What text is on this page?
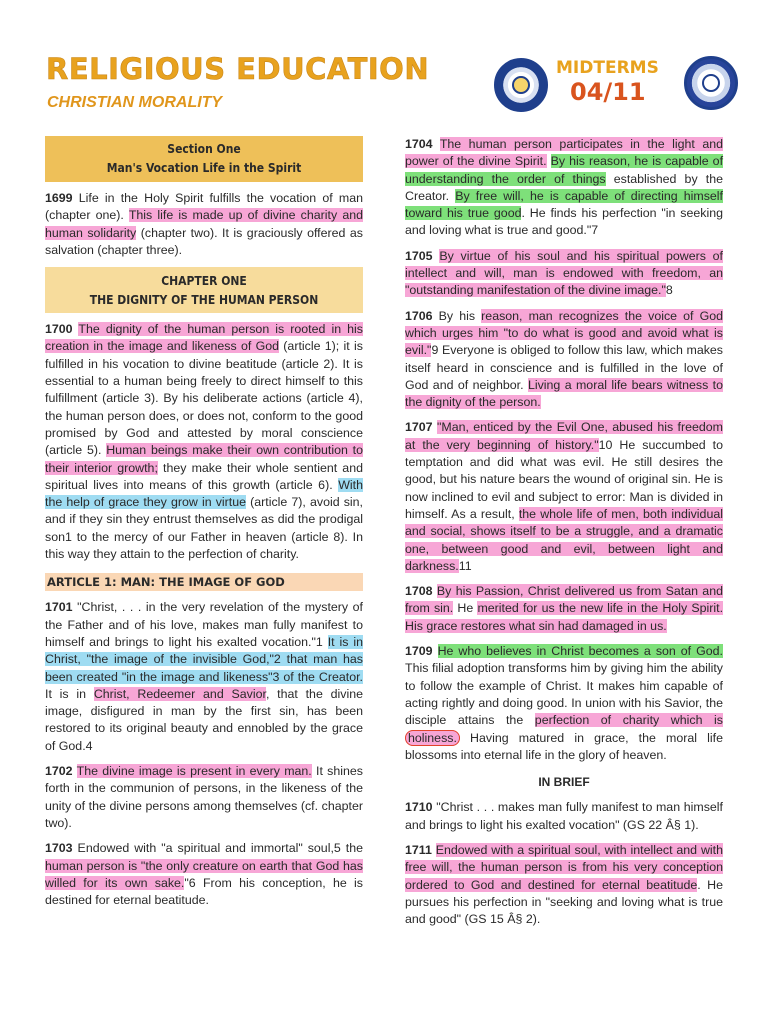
RELIGIOUS EDUCATION
CHRISTIAN MORALITY
MIDTERMS
04/11
Section One
Man's Vocation Life in the Spirit

1699 Life in the Holy Spirit fulfills the vocation of man (chapter one). This life is made up of divine charity and human solidarity (chapter two). It is graciously offered as salvation (chapter three).

CHAPTER ONE
THE DIGNITY OF THE HUMAN PERSON

1700 The dignity of the human person is rooted in his creation in the image and likeness of God (article 1); it is fulfilled in his vocation to divine beatitude (article 2). It is essential to a human being freely to direct himself to this fulfillment (article 3). By his deliberate actions (article 4), the human person does, or does not, conform to the good promised by God and attested by moral conscience (article 5). Human beings make their own contribution to their interior growth; they make their whole sentient and spiritual lives into means of this growth (article 6). With the help of grace they grow in virtue (article 7), avoid sin, and if they sin they entrust themselves as did the prodigal son1 to the mercy of our Father in heaven (article 8). In this way they attain to the perfection of charity.

ARTICLE 1: MAN: THE IMAGE OF GOD

1701 "Christ, . . . in the very revelation of the mystery of the Father and of his love, makes man fully manifest to himself and brings to light his exalted vocation."1 It is in Christ, "the image of the invisible God,"2 that man has been created "in the image and likeness"3 of the Creator. It is in Christ, Redeemer and Savior, that the divine image, disfigured in man by the first sin, has been restored to its original beauty and ennobled by the grace of God.4

1702 The divine image is present in every man. It shines forth in the communion of persons, in the likeness of the unity of the divine persons among themselves (cf. chapter two).

1703 Endowed with "a spiritual and immortal" soul,5 the human person is "the only creature on earth that God has willed for its own sake."6 From his conception, he is destined for eternal beatitude.

1704 The human person participates in the light and power of the divine Spirit. By his reason, he is capable of understanding the order of things established by the Creator. By free will, he is capable of directing himself toward his true good. He finds his perfection "in seeking and loving what is true and good."7

1705 By virtue of his soul and his spiritual powers of intellect and will, man is endowed with freedom, an "outstanding manifestation of the divine image."8

1706 By his reason, man recognizes the voice of God which urges him "to do what is good and avoid what is evil."9 Everyone is obliged to follow this law, which makes itself heard in conscience and is fulfilled in the love of God and of neighbor. Living a moral life bears witness to the dignity of the person.

1707 "Man, enticed by the Evil One, abused his freedom at the very beginning of history."10 He succumbed to temptation and did what was evil. He still desires the good, but his nature bears the wound of original sin. He is now inclined to evil and subject to error: Man is divided in himself. As a result, the whole life of men, both individual and social, shows itself to be a struggle, and a dramatic one, between good and evil, between light and darkness.11

1708 By his Passion, Christ delivered us from Satan and from sin. He merited for us the new life in the Holy Spirit. His grace restores what sin had damaged in us.

1709 He who believes in Christ becomes a son of God. This filial adoption transforms him by giving him the ability to follow the example of Christ. It makes him capable of acting rightly and doing good. In union with his Savior, the disciple attains the perfection of charity which is holiness. Having matured in grace, the moral life blossoms into eternal life in the glory of heaven.

IN BRIEF

1710 "Christ . . . makes man fully manifest to man himself and brings to light his exalted vocation" (GS 22 Â§ 1).

1711 Endowed with a spiritual soul, with intellect and with free will, the human person is from his very conception ordered to God and destined for eternal beatitude. He pursues his perfection in "seeking and loving what is true and good" (GS 15 Â§ 2).
